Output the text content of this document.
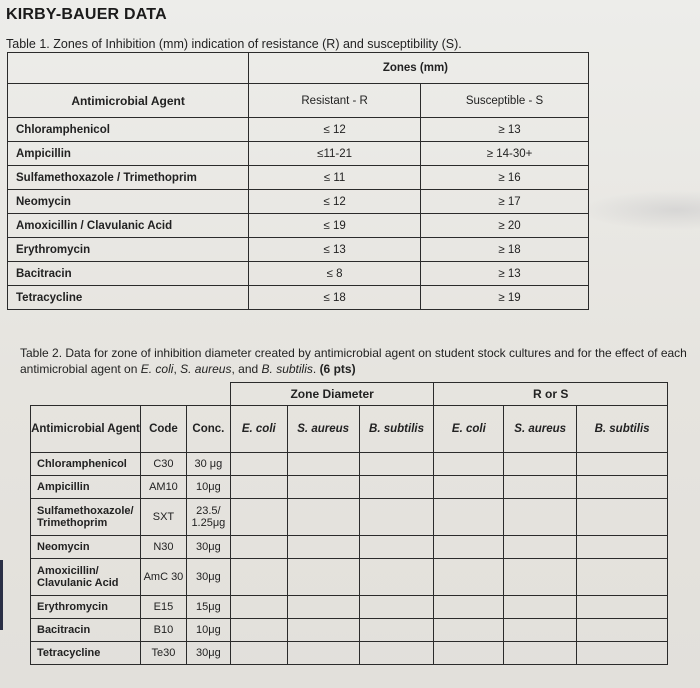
KIRBY-BAUER DATA
Table 1. Zones of Inhibition (mm) indication of resistance (R) and susceptibility (S).
	Zones (mm)	
Antimicrobial Agent	Resistant - R	Susceptible - S
Chloramphenicol	≤ 12	≥ 13
Ampicillin	≤11-21	≥ 14-30+
Sulfamethoxazole / Trimethoprim	≤ 11	≥ 16
Neomycin	≤ 12	≥ 17
Amoxicillin / Clavulanic Acid	≤ 19	≥ 20
Erythromycin	≤ 13	≥ 18
Bacitracin	≤ 8	≥ 13
Tetracycline	≤ 18	≥ 19
Table 2. Data for zone of inhibition diameter created by antimicrobial agent on student stock cultures and for the effect of each antimicrobial agent on E. coli, S. aureus, and B. subtilis. (6 pts)
			Zone Diameter			R or S		
Antimicrobial Agent	Code	Conc.	E. coli	S. aureus	B. subtilis	E. coli	S. aureus	B. subtilis
Chloramphenicol	C30	30 μg						
Ampicillin	AM10	10μg						
Sulfamethoxazole/ Trimethoprim	SXT	23.5/ 1.25μg						
Neomycin	N30	30μg						
Amoxicillin/ Clavulanic Acid	AmC 30	30μg						
Erythromycin	E15	15μg						
Bacitracin	B10	10μg						
Tetracycline	Te30	30μg						
